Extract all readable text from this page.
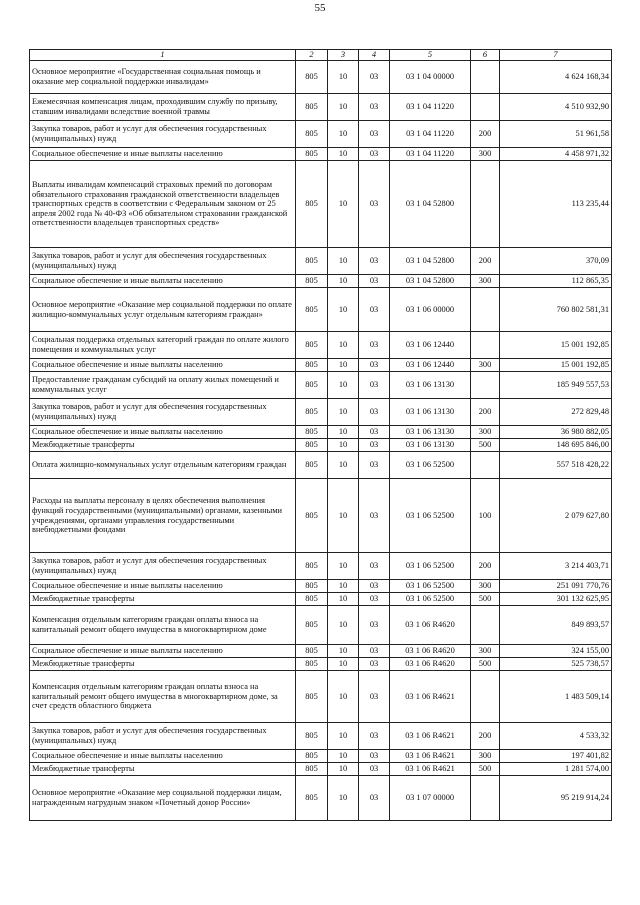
55
1	2	3	4	5	6	7
Основное мероприятие «Государственная социальная помощь и оказание мер социальной поддержки инвалидам»	805	10	03	03 1 04 00000		4 624 168,34
Ежемесячная компенсация лицам, проходившим службу по призыву, ставшим инвалидами вследствие военной травмы	805	10	03	03 1 04 11220		4 510 932,90
Закупка товаров, работ и услуг для обеспечения государственных (муниципальных) нужд	805	10	03	03 1 04 11220	200	51 961,58
Социальное обеспечение и иные выплаты населению	805	10	03	03 1 04 11220	300	4 458 971,32
Выплаты инвалидам компенсаций страховых премий по договорам обязательного страхования гражданской ответственности владельцев транспортных средств в соответствии с Федеральным законом от 25 апреля 2002 года № 40-ФЗ «Об обязательном страховании гражданской ответственности владельцев транспортных средств»	805	10	03	03 1 04 52800		113 235,44
Закупка товаров, работ и услуг для обеспечения государственных (муниципальных) нужд	805	10	03	03 1 04 52800	200	370,09
Социальное обеспечение и иные выплаты населению	805	10	03	03 1 04 52800	300	112 865,35
Основное мероприятие «Оказание мер социальной поддержки по оплате жилищно-коммунальных услуг отдельным категориям граждан»	805	10	03	03 1 06 00000		760 802 581,31
Социальная поддержка отдельных категорий граждан по оплате жилого помещения и коммунальных услуг	805	10	03	03 1 06 12440		15 001 192,85
Социальное обеспечение и иные выплаты населению	805	10	03	03 1 06 12440	300	15 001 192,85
Предоставление гражданам субсидий на оплату жилых помещений и коммунальных услуг	805	10	03	03 1 06 13130		185 949 557,53
Закупка товаров, работ и услуг для обеспечения государственных (муниципальных) нужд	805	10	03	03 1 06 13130	200	272 829,48
Социальное обеспечение и иные выплаты населению	805	10	03	03 1 06 13130	300	36 980 882,05
Межбюджетные трансферты	805	10	03	03 1 06 13130	500	148 695 846,00
Оплата жилищно-коммунальных услуг отдельным категориям граждан	805	10	03	03 1 06 52500		557 518 428,22
Расходы на выплаты персоналу в целях обеспечения выполнения функций государственными (муниципальными) органами, казенными учреждениями, органами управления государственными внебюджетными фондами	805	10	03	03 1 06 52500	100	2 079 627,80
Закупка товаров, работ и услуг для обеспечения государственных (муниципальных) нужд	805	10	03	03 1 06 52500	200	3 214 403,71
Социальное обеспечение и иные выплаты населению	805	10	03	03 1 06 52500	300	251 091 770,76
Межбюджетные трансферты	805	10	03	03 1 06 52500	500	301 132 625,95
Компенсация отдельным категориям граждан оплаты взноса на капитальный ремонт общего имущества в многоквартирном доме	805	10	03	03 1 06 R4620		849 893,57
Социальное обеспечение и иные выплаты населению	805	10	03	03 1 06 R4620	300	324 155,00
Межбюджетные трансферты	805	10	03	03 1 06 R4620	500	525 738,57
Компенсация отдельным категориям граждан оплаты взноса на капитальный ремонт общего имущества в многоквартирном доме, за счет средств областного бюджета	805	10	03	03 1 06 R4621		1 483 509,14
Закупка товаров, работ и услуг для обеспечения государственных (муниципальных) нужд	805	10	03	03 1 06 R4621	200	4 533,32
Социальное обеспечение и иные выплаты населению	805	10	03	03 1 06 R4621	300	197 401,82
Межбюджетные трансферты	805	10	03	03 1 06 R4621	500	1 281 574,00
Основное мероприятие «Оказание мер социальной поддержки лицам, награжденным нагрудным знаком «Почетный донор России»	805	10	03	03 1 07 00000		95 219 914,24
